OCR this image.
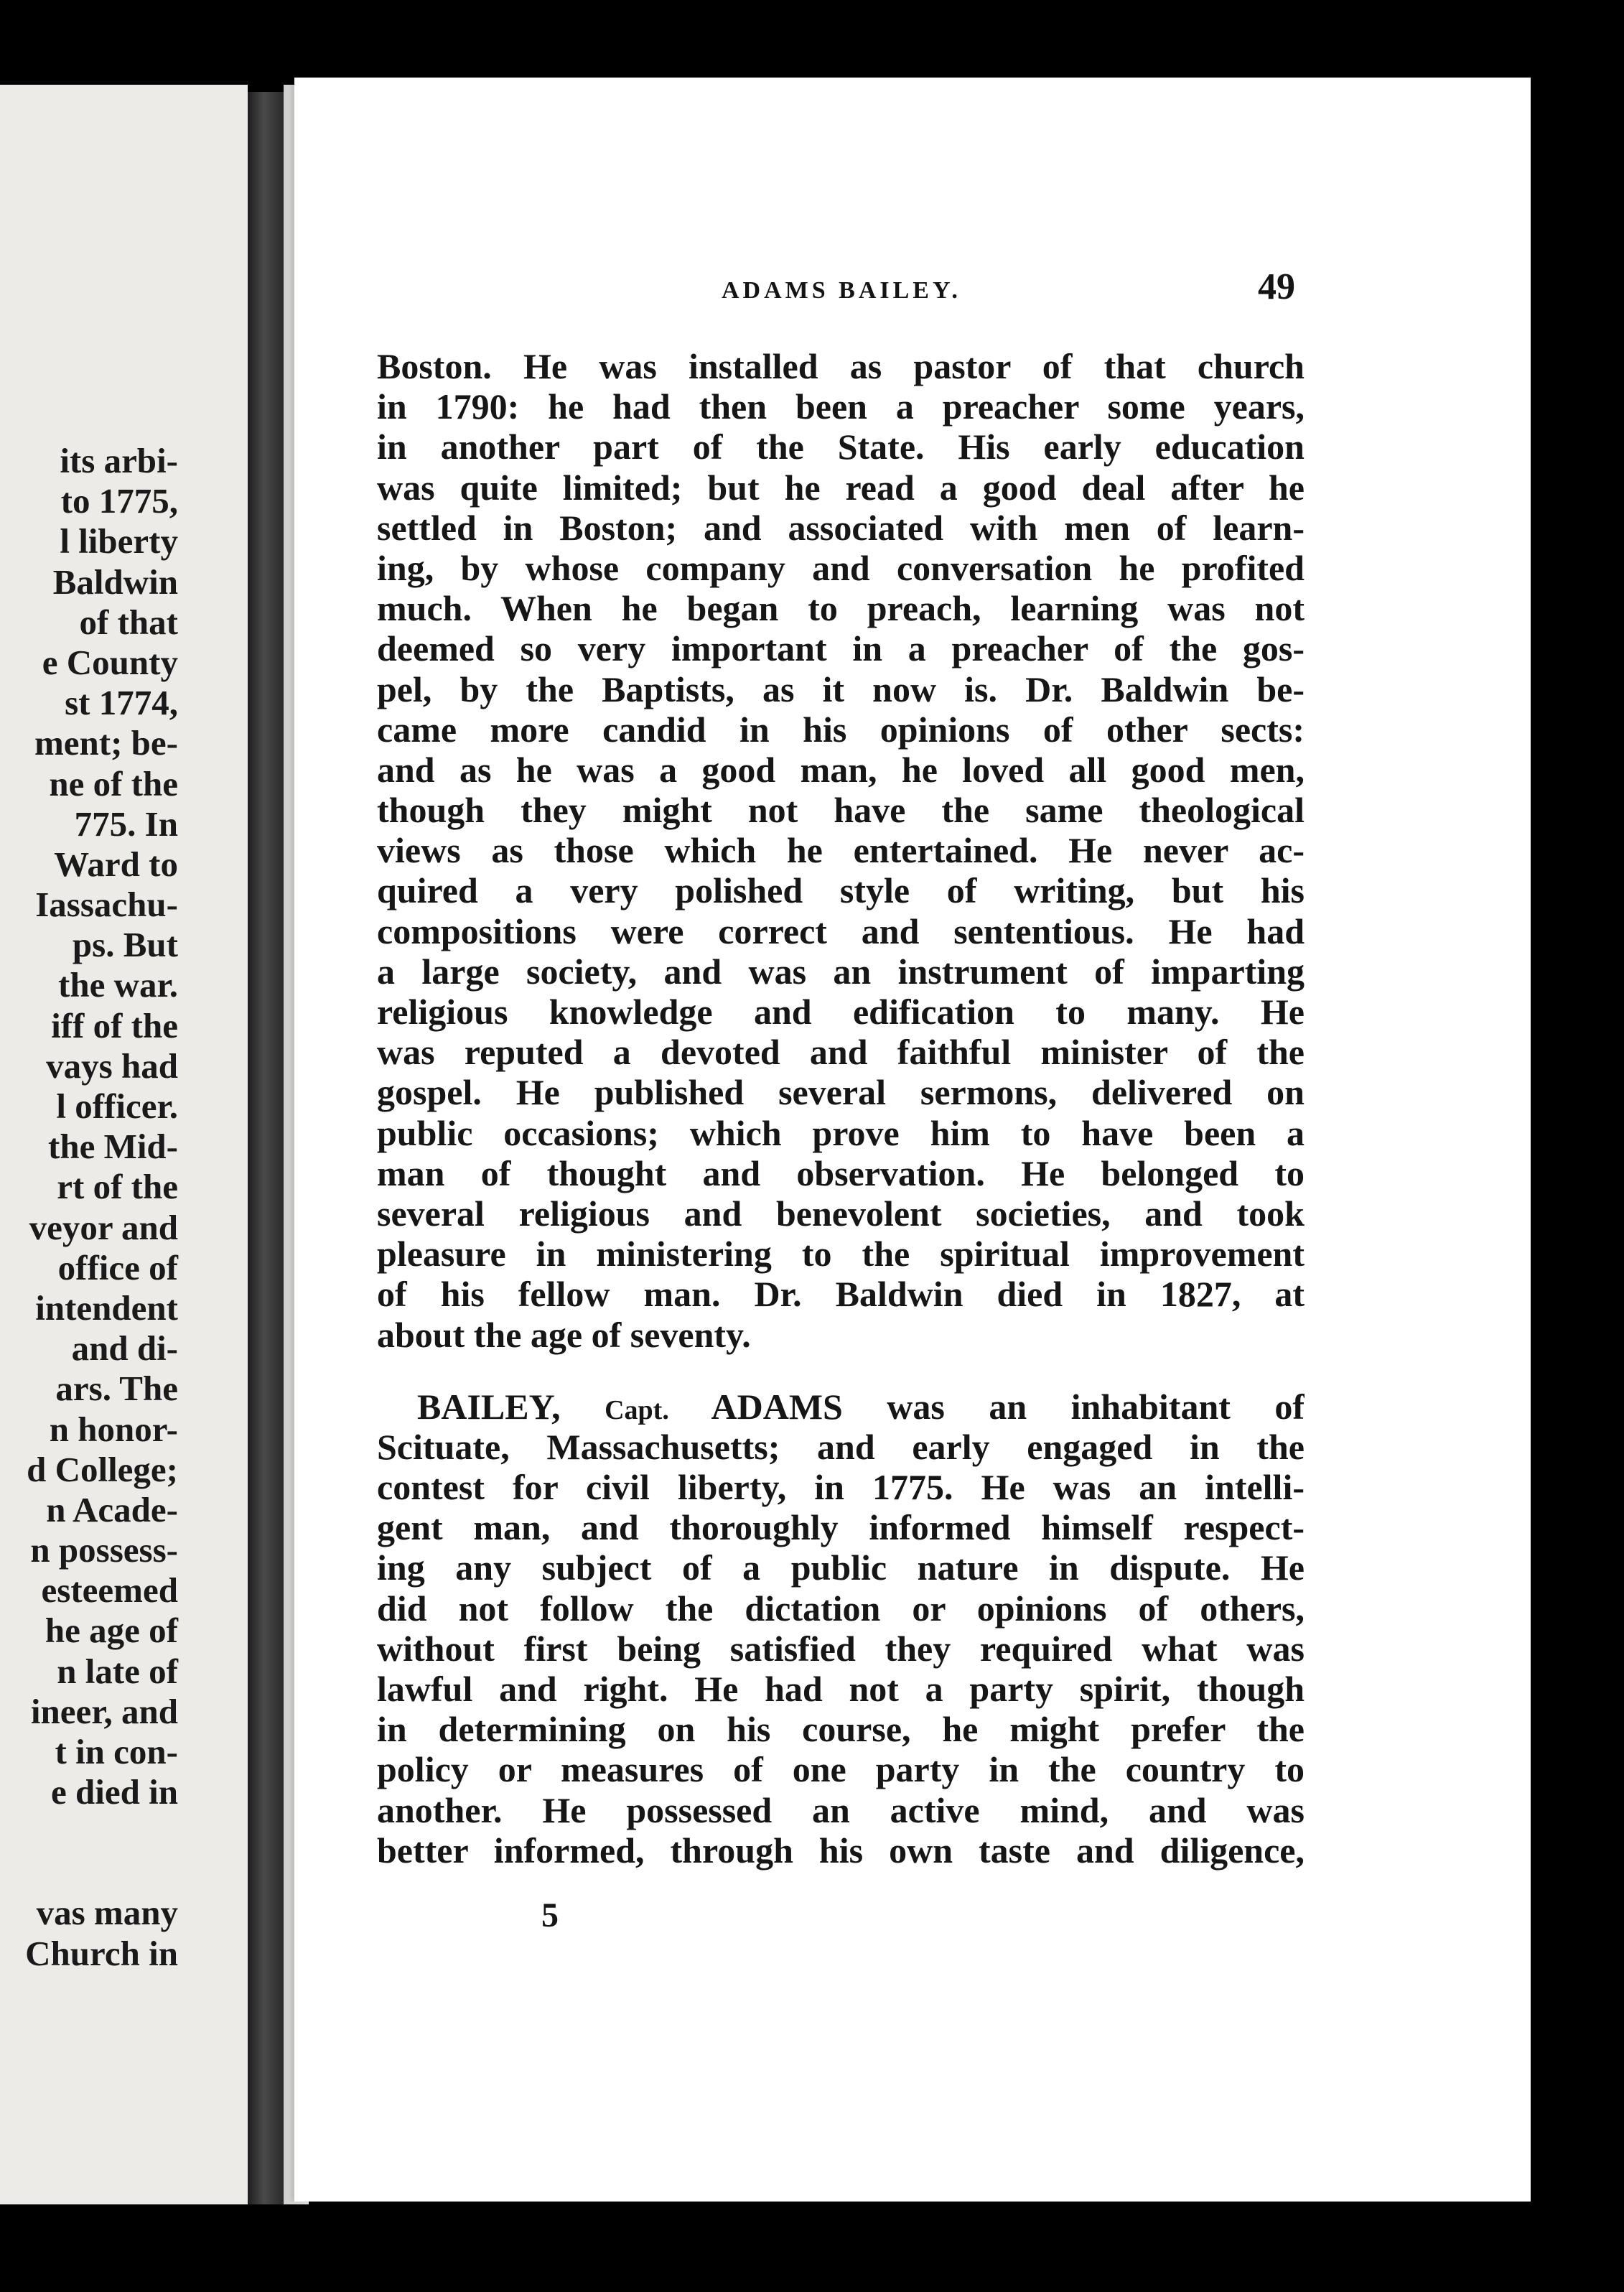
its arbi-
to 1775,
l liberty
Baldwin
of that
e County
st 1774,
ment; be-
ne of the
775. In
Ward to
Iassachu-
ps. But
the war.
iff of the
vays had
l officer.
the Mid-
rt of the
veyor and
office of
intendent
and di-
ars. The
n honor-
d College;
n Acade-
n possess-
esteemed
he age of
n late of
ineer, and
t in con-
e died in
vas many
Church in
ADAMS BAILEY.	49
Boston. He was installed as pastor of that church
in 1790: he had then been a preacher some years,
in another part of the State. His early education
was quite limited; but he read a good deal after he
settled in Boston; and associated with men of learn-
ing, by whose company and conversation he profited
much. When he began to preach, learning was not
deemed so very important in a preacher of the gos-
pel, by the Baptists, as it now is. Dr. Baldwin be-
came more candid in his opinions of other sects:
and as he was a good man, he loved all good men,
though they might not have the same theological
views as those which he entertained. He never ac-
quired a very polished style of writing, but his
compositions were correct and sententious. He had
a large society, and was an instrument of imparting
religious knowledge and edification to many. He
was reputed a devoted and faithful minister of the
gospel. He published several sermons, delivered on
public occasions; which prove him to have been a
man of thought and observation. He belonged to
several religious and benevolent societies, and took
pleasure in ministering to the spiritual improvement
of his fellow man. Dr. Baldwin died in 1827, at
about the age of seventy.
BAILEY, Capt. ADAMS was an inhabitant of
Scituate, Massachusetts; and early engaged in the
contest for civil liberty, in 1775. He was an intelli-
gent man, and thoroughly informed himself respect-
ing any subject of a public nature in dispute. He
did not follow the dictation or opinions of others,
without first being satisfied they required what was
lawful and right. He had not a party spirit, though
in determining on his course, he might prefer the
policy or measures of one party in the country to
another. He possessed an active mind, and was
better informed, through his own taste and diligence,
5
